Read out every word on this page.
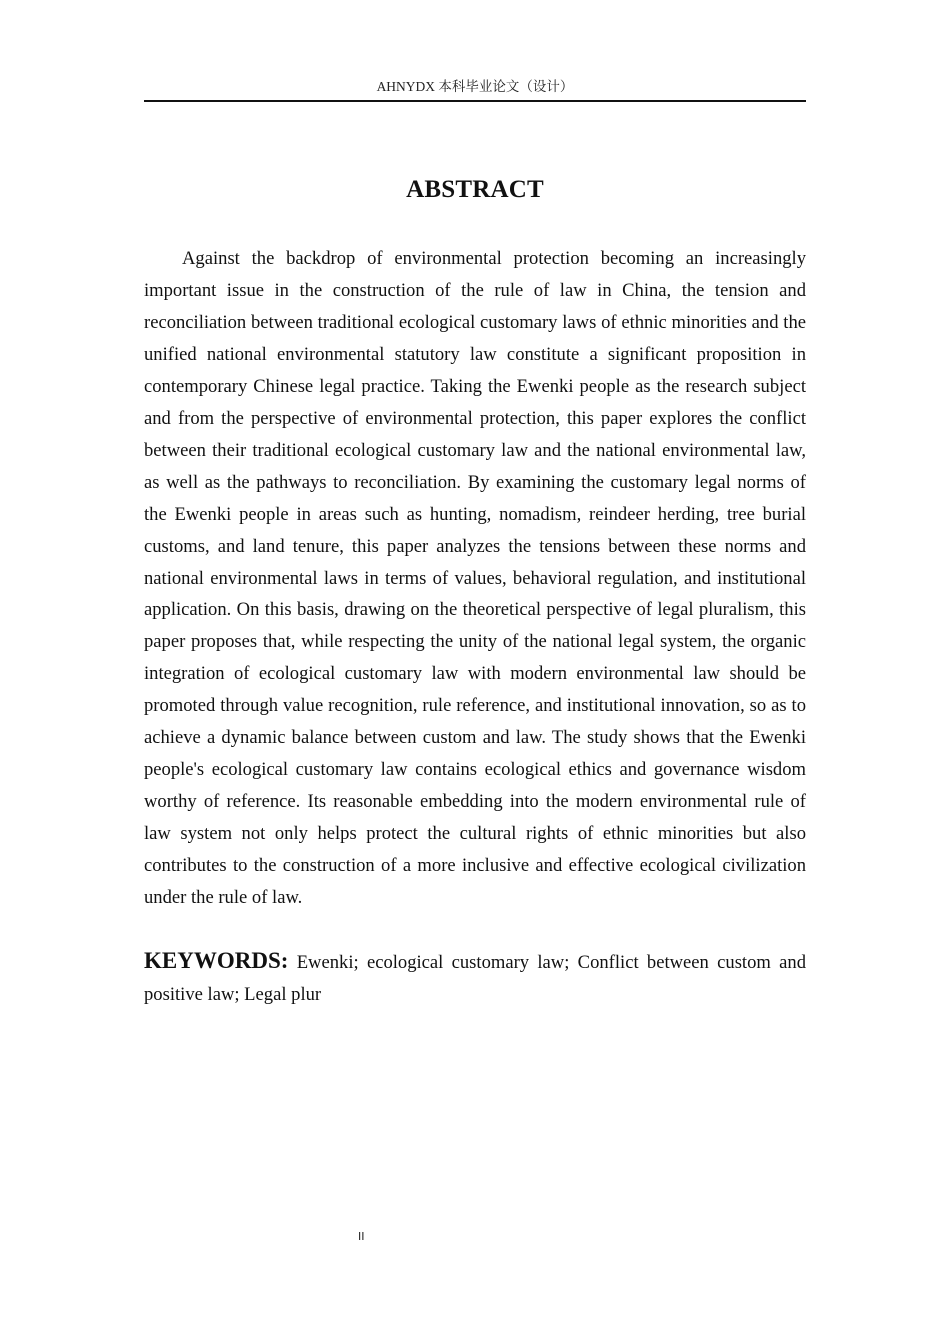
AHNYDX 本科毕业论文（设计）
ABSTRACT

Against the backdrop of environmental protection becoming an increasingly important issue in the construction of the rule of law in China, the tension and reconciliation between traditional ecological customary laws of ethnic minorities and the unified national environmental statutory law constitute a significant proposition in contemporary Chinese legal practice. Taking the Ewenki people as the research subject and from the perspective of environmental protection, this paper explores the conflict between their traditional ecological customary law and the national environmental law, as well as the pathways to reconciliation. By examining the customary legal norms of the Ewenki people in areas such as hunting, nomadism, reindeer herding, tree burial customs, and land tenure, this paper analyzes the tensions between these norms and national environmental laws in terms of values, behavioral regulation, and institutional application. On this basis, drawing on the theoretical perspective of legal pluralism, this paper proposes that, while respecting the unity of the national legal system, the organic integration of ecological customary law with modern environmental law should be promoted through value recognition, rule reference, and institutional innovation, so as to achieve a dynamic balance between custom and law. The study shows that the Ewenki people's ecological customary law contains ecological ethics and governance wisdom worthy of reference. Its reasonable embedding into the modern environmental rule of law system not only helps protect the cultural rights of ethnic minorities but also contributes to the construction of a more inclusive and effective ecological civilization under the rule of law.

KEYWORDS: Ewenki; ecological customary law; Conflict between custom and positive law; Legal plur

II
